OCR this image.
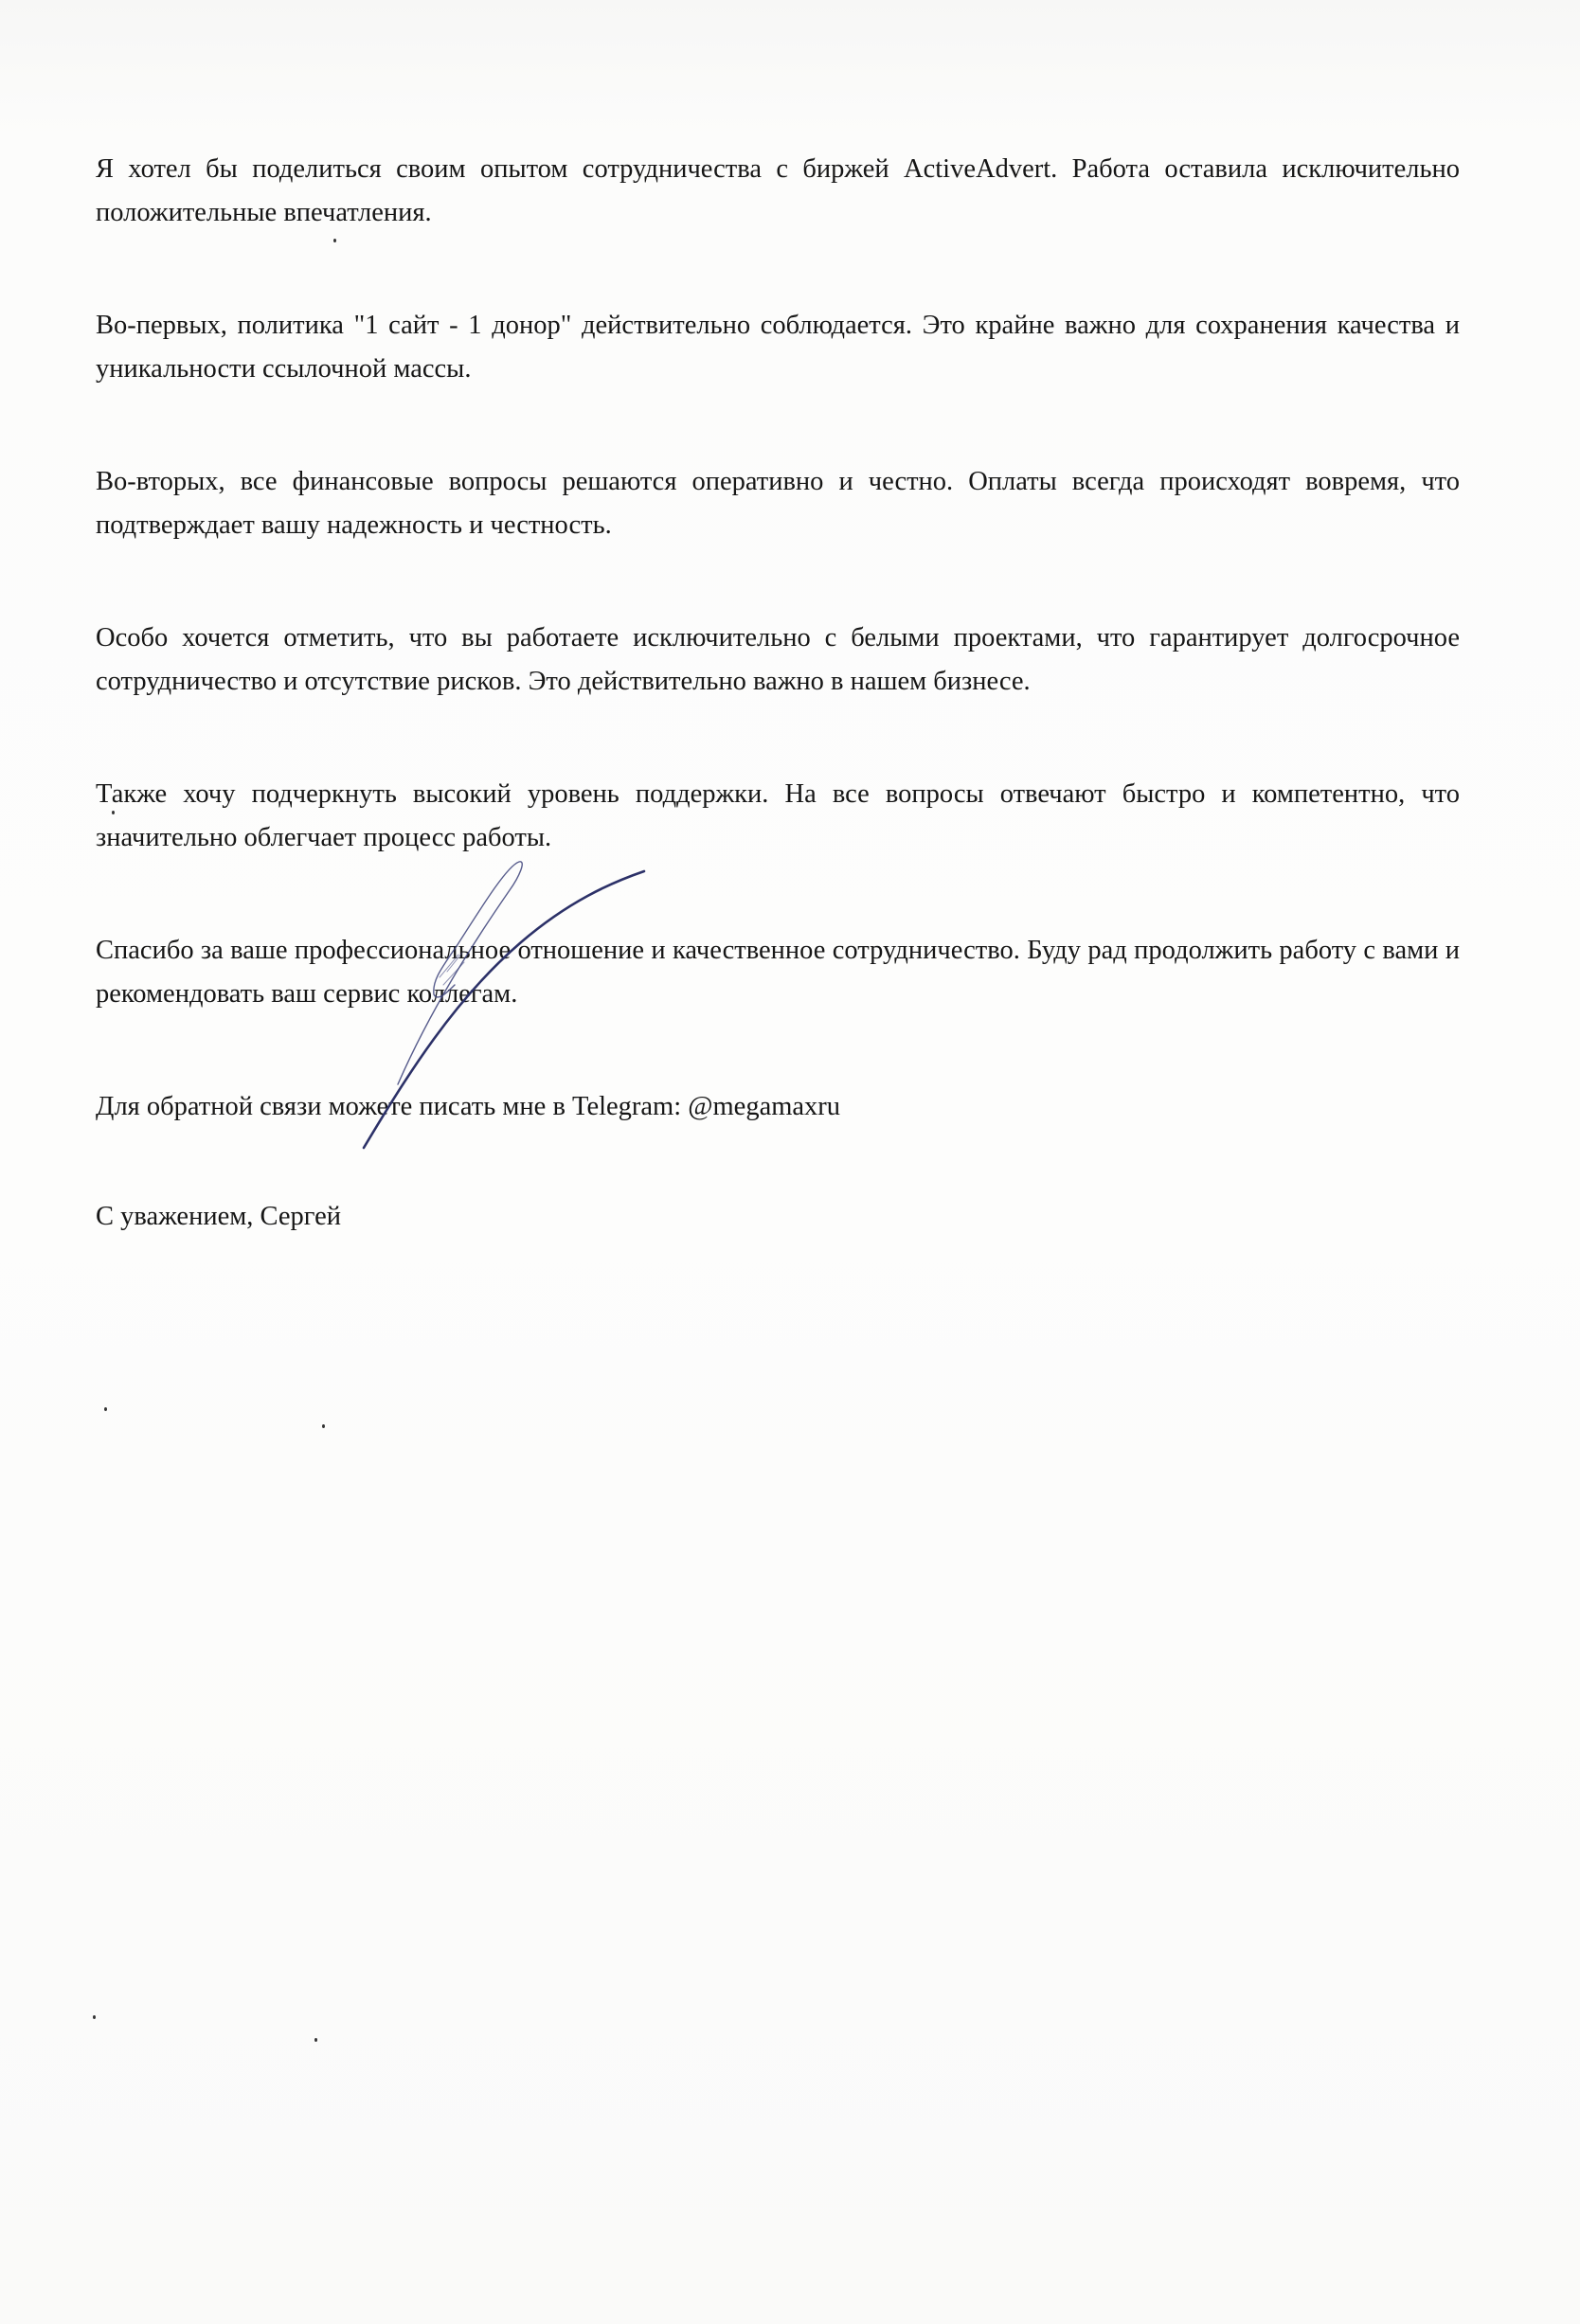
Я хотел бы поделиться своим опытом сотрудничества с биржей ActiveAdvert. Работа оставила исключительно положительные впечатления.

Во-первых, политика "1 сайт - 1 донор" действительно соблюдается. Это крайне важно для сохранения качества и уникальности ссылочной массы.

Во-вторых, все финансовые вопросы решаются оперативно и честно. Оплаты всегда происходят вовремя, что подтверждает вашу надежность и честность.

Особо хочется отметить, что вы работаете исключительно с белыми проектами, что гарантирует долгосрочное сотрудничество и отсутствие рисков. Это действительно важно в нашем бизнесе.

Также хочу подчеркнуть высокий уровень поддержки. На все вопросы отвечают быстро и компетентно, что значительно облегчает процесс работы.

Спасибо за ваше профессиональное отношение и качественное сотрудничество. Буду рад продолжить работу с вами и рекомендовать ваш сервис коллегам.

Для обратной связи можете писать мне в Telegram: @megamaxru

С уважением, Сергей
